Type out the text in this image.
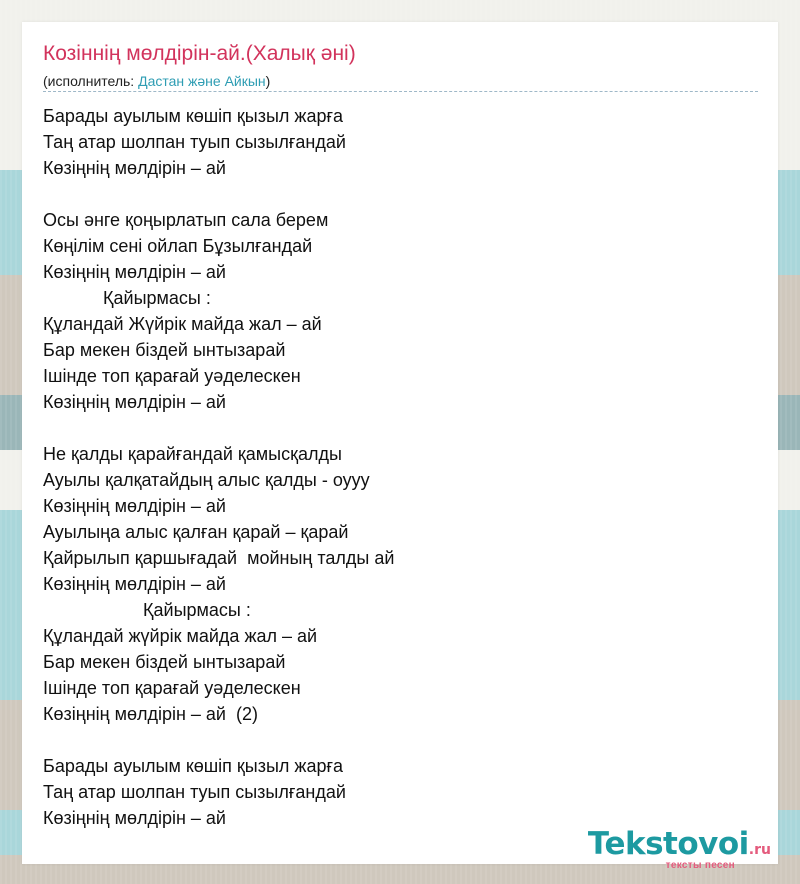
Козіннің мөлдірін-ай.(Халық әні)
(исполнитель: Дастан және Айкын)
Барады ауылым көшіп қызыл жарға
Таң атар шолпан туып сызылғандай
Көзіңнің мөлдірін – ай
Осы әнге қоңырлатып сала берем
Көңілім сені ойлап Бұзылғандай
Көзіңнің мөлдірін – ай
Қайырмасы :
Құландай Жүйрік майда жал – ай
Бар мекен біздей ынтызарай
Ішінде топ қарағай уәделескен
Көзіңнің мөлдірін – ай
Не қалды қарайғандай қамысқалды
Ауылы қалқатайдың алыс қалды - оууу
Көзіңнің мөлдірін – ай
Ауылыңа алыс қалған қарай – қарай
Қайрылып қаршығадай  мойның талды ай
Көзіңнің мөлдірін – ай
Қайырмасы :
Құландай жүйрік майда жал – ай
Бар мекен біздей ынтызарай
Ішінде топ қарағай уәделескен
Көзіңнің мөлдірін – ай  (2)
Барады ауылым көшіп қызыл жарға
Таң атар шолпан туып сызылғандай
Көзіңнің мөлдірін – ай
Tekstovoi.ru
тексты песен
